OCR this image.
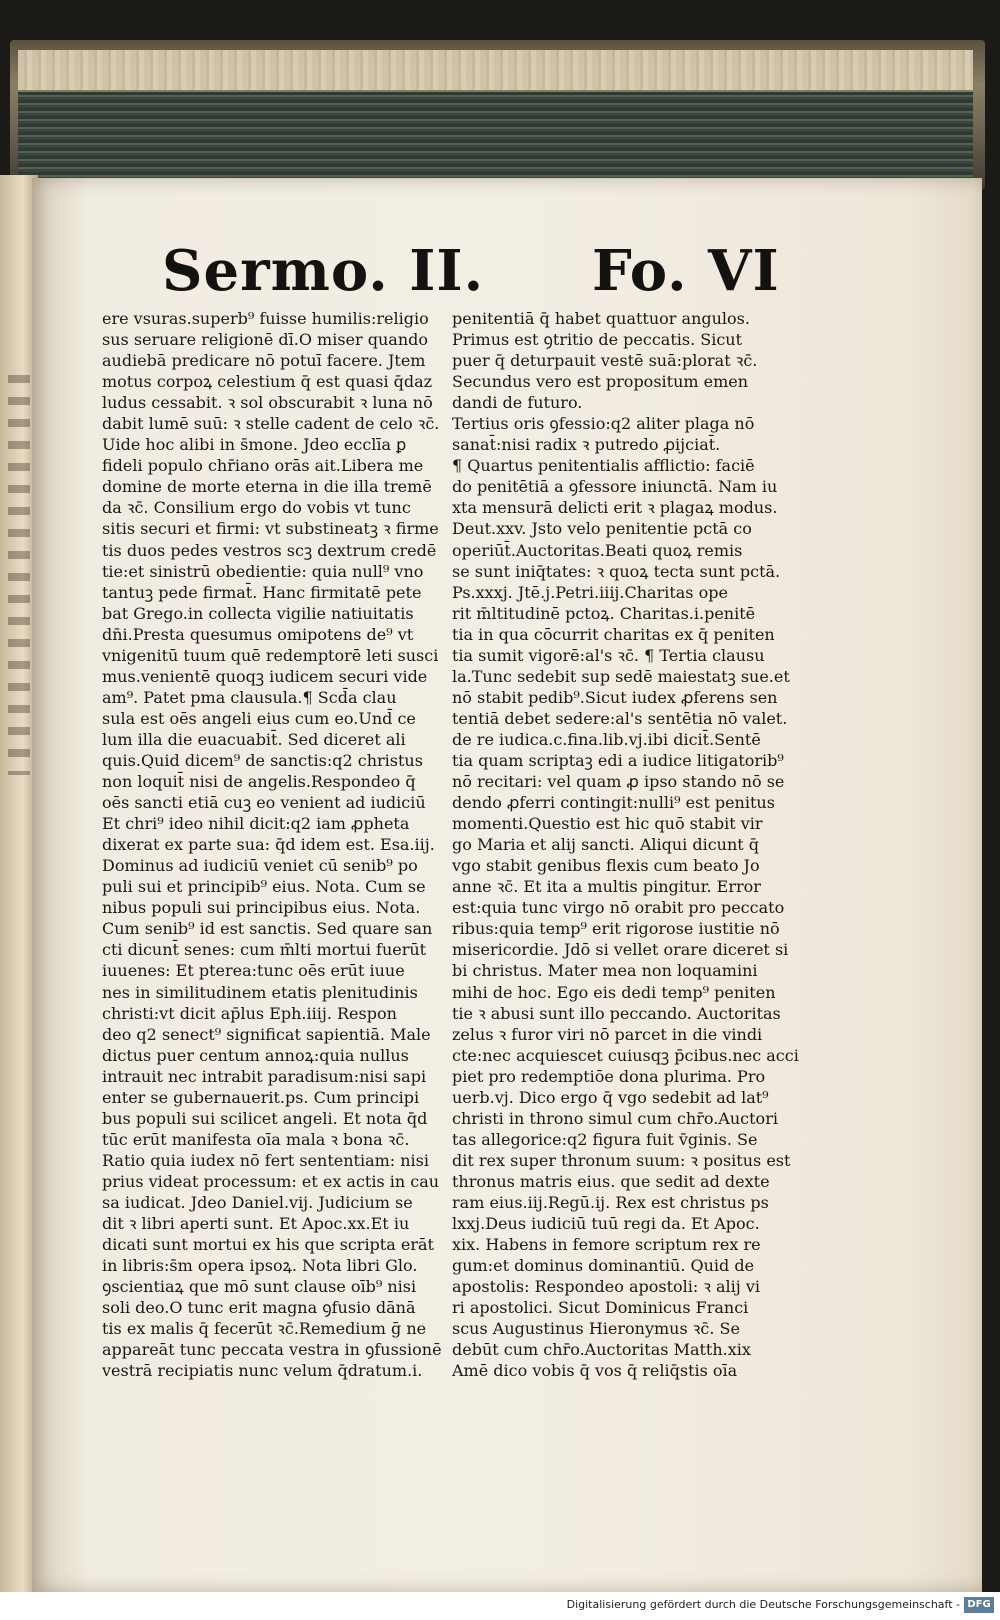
Sermo. II. Fo. VI
ere vsuras.superb⁹ fuisse humilis:religio
sus seruare religionē dī.O miser quando
audiebā predicare nō potuī facere. Jtem
motus corpoꝝ celestium q̄ est quasi q̄daz
ludus cessabit. ꝛ sol obscurabit ꝛ luna nō
dabit lumē suū: ꝛ stelle cadent de celo ꝛc̄.
Uide hoc alibi in s̄mone. Jdeo ecclīa ꝑ
fideli populo chr̄iano orās ait.Libera me
domine de morte eterna in die illa tremē
da ꝛc̄. Consilium ergo do vobis vt tunc
sitis securi et firmi: vt substineatꝫ ꝛ firme
tis duos pedes vestros scꝫ dextrum credē
tie:et sinistrū obedientie: quia null⁹ vno
tantuꝫ pede firmat̄. Hanc firmitatē pete
bat Grego.in collecta vigilie natiuitatis
dn̄i.Presta quesumus omipotens de⁹ vt
vnigenitū tuum quē redemptorē leti susci
mus.venientē quoqꝫ iudicem securi vide
am⁹. Patet pma clausula.¶ Scd̄a clau
sula est oēs angeli eius cum eo.Und̄ ce
lum illa die euacuabit̄. Sed diceret ali
quis.Quid dicem⁹ de sanctis:q2 christus
non loquit̄ nisi de angelis.Respondeo q̄
oēs sancti etiā cuꝫ eo venient ad iudiciū
Et chri⁹ ideo nihil dicit:q2 iam ꝓpheta
dixerat ex parte sua: q̄d idem est. Esa.iij.
Dominus ad iudiciū veniet cū senib⁹ po
puli sui et principib⁹ eius. Nota. Cum se
nibus populi sui principibus eius. Nota.
Cum senib⁹ id est sanctis. Sed quare san
cti dicunt̄ senes: cum m̄lti mortui fuerūt
iuuenes: Et pterea:tunc oēs erūt iuue
nes in similitudinem etatis plenitudinis
christi:vt dicit ap̄lus Eph.iiij. Respon
deo q2 senect⁹ significat sapientiā. Male
dictus puer centum annoꝝ:quia nullus
intrauit nec intrabit paradisum:nisi sapi
enter se gubernauerit.ps. Cum principi
bus populi sui scilicet angeli. Et nota q̄d
tūc erūt manifesta oīa mala ꝛ bona ꝛc̄.
Ratio quia iudex nō fert sententiam: nisi
prius videat processum: et ex actis in cau
sa iudicat. Jdeo Daniel.vij. Judicium se
dit ꝛ libri aperti sunt. Et Apoc.xx.Et iu
dicati sunt mortui ex his que scripta erāt
in libris:s̄m opera ipsoꝝ. Nota libri Glo.
ꝯscientiaꝝ que mō sunt clause oīb⁹ nisi
soli deo.O tunc erit magna ꝯfusio dānā
tis ex malis q̄ fecerūt ꝛc̄.Remedium ḡ ne
appareāt tunc peccata vestra in ꝯfussionē
vestrā recipiatis nunc velum q̄dratum.i.
penitentiā q̄ habet quattuor angulos.
Primus est ꝯtritio de peccatis. Sicut
puer q̄ deturpauit vestē suā:plorat ꝛc̄.
Secundus vero est propositum emen
dandi de futuro.
Tertius oris ꝯfessio:q2 aliter plaga nō
sanat̄:nisi radix ꝛ putredo ꝓijciat̄.
¶ Quartus penitentialis afflictio: faciē
do penitētiā a ꝯfessore iniunctā. Nam iu
xta mensurā delicti erit ꝛ plagaꝝ modus.
Deut.xxv. Jsto velo penitentie pctā co
operiūt̄.Auctoritas.Beati quoꝝ remis
se sunt iniq̄tates: ꝛ quoꝝ tecta sunt pctā.
Ps.xxxj. Jtē.j.Petri.iiij.Charitas ope
rit m̄ltitudinē pctoꝝ. Charitas.i.penitē
tia in qua cōcurrit charitas ex q̄ peniten
tia sumit vigorē:al's ꝛc̄. ¶ Tertia clausu
la.Tunc sedebit sup sedē maiestatꝫ sue.et
nō stabit pedib⁹.Sicut iudex ꝓferens sen
tentiā debet sedere:al's sentētia nō valet.
de re iudica.c.fina.lib.vj.ibi dicit̄.Sentē
tia quam scriptaꝫ edi a iudice litigatorib⁹
nō recitari: vel quam ꝓ ipso stando nō se
dendo ꝓferri contingit:nulli⁹ est penitus
momenti.Questio est hic quō stabit vir
go Maria et alij sancti. Aliqui dicunt q̄
vgo stabit genibus flexis cum beato Jo
anne ꝛc̄. Et ita a multis pingitur. Error
est:quia tunc virgo nō orabit pro peccato
ribus:quia temp⁹ erit rigorose iustitie nō
misericordie. Jdō si vellet orare diceret si
bi christus. Mater mea non loquamini
mihi de hoc. Ego eis dedi temp⁹ peniten
tie ꝛ abusi sunt illo peccando. Auctoritas
zelus ꝛ furor viri nō parcet in die vindi
cte:nec acquiescet cuiusqꝫ p̄cibus.nec acci
piet pro redemptiōe dona plurima. Pro
uerb.vj. Dico ergo q̄ vgo sedebit ad lat⁹
christi in throno simul cum chr̄o.Auctori
tas allegorice:q2 figura fuit v̄ginis. Se
dit rex super thronum suum: ꝛ positus est
thronus matris eius. que sedit ad dexte
ram eius.iij.Regū.ij. Rex est christus ps
lxxj.Deus iudiciū tuū regi da. Et Apoc.
xix. Habens in femore scriptum rex re
gum:et dominus dominantiū. Quid de
apostolis: Respondeo apostoli: ꝛ alij vi
ri apostolici. Sicut Dominicus Franci
scus Augustinus Hieronymus ꝛc̄. Se
debūt cum chr̄o.Auctoritas Matth.xix
Amē dico vobis q̄ vos q̄ reliq̄stis oīa
Digitalisierung gefördert durch die Deutsche Forschungsgemeinschaft - DFG
